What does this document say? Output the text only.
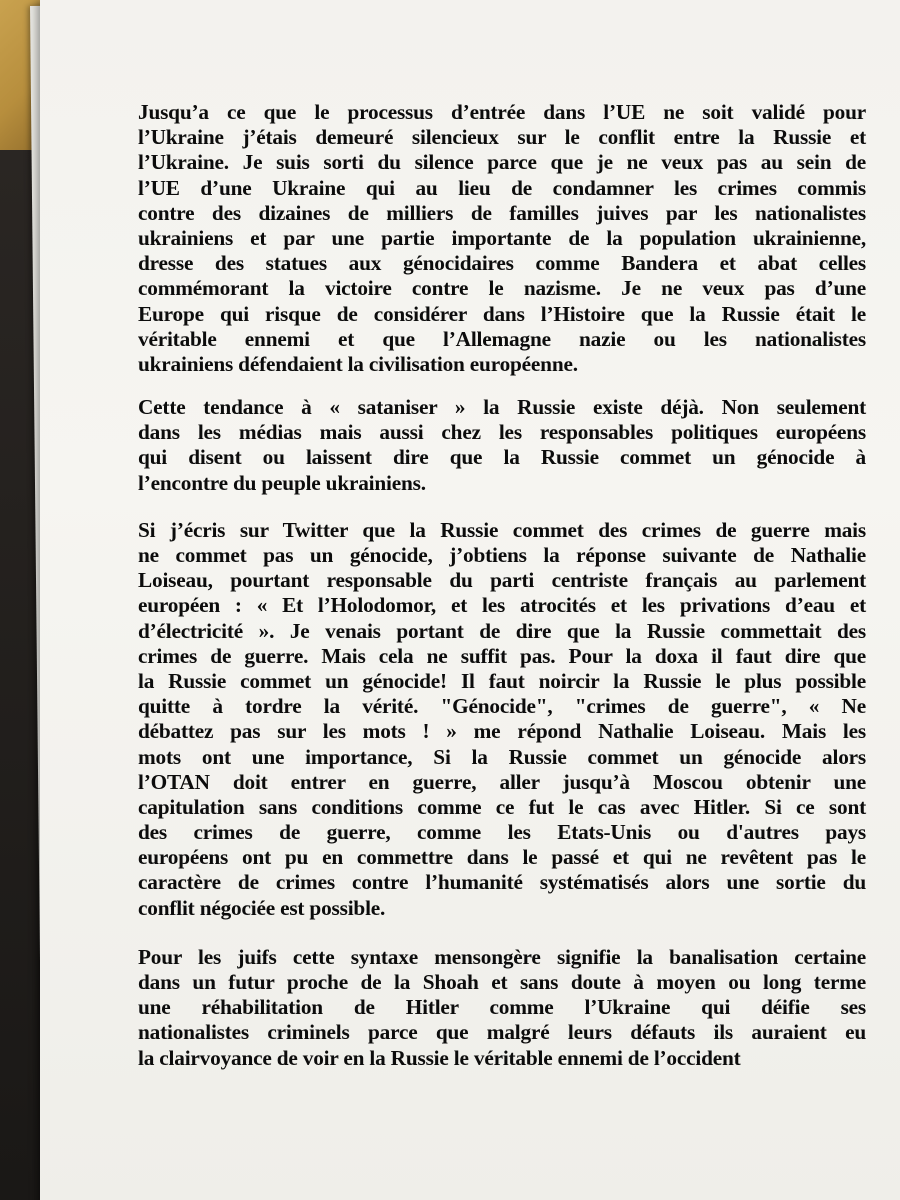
Jusqu’a ce que le processus d’entrée dans l’UE ne soit validé pour
l’Ukraine j’étais demeuré silencieux sur le conflit entre la Russie et
l’Ukraine. Je suis sorti du silence parce que je ne veux pas au sein de
l’UE d’une Ukraine qui au lieu de condamner les crimes commis
contre des dizaines de milliers de familles juives par les nationalistes
ukrainiens et par une partie importante de la population ukrainienne,
dresse des statues aux génocidaires comme Bandera et abat celles
commémorant la victoire contre le nazisme. Je ne veux pas d’une
Europe qui risque de considérer dans l’Histoire que la Russie était le
véritable ennemi et que l’Allemagne nazie ou les nationalistes
ukrainiens défendaient la civilisation européenne.
Cette tendance à « sataniser » la Russie existe déjà. Non seulement
dans les médias mais aussi chez les responsables politiques européens
qui disent ou laissent dire que la Russie commet un génocide à
l’encontre du peuple ukrainiens.
Si j’écris sur Twitter que la Russie commet des crimes de guerre mais
ne commet pas un génocide, j’obtiens la réponse suivante de Nathalie
Loiseau, pourtant responsable du parti centriste français au parlement
européen : « Et l’Holodomor, et les atrocités et les privations d’eau et
d’électricité ». Je venais portant de dire que la Russie commettait des
crimes de guerre. Mais cela ne suffit pas. Pour la doxa il faut dire que
la Russie commet un génocide! Il faut noircir la Russie le plus possible
quitte à tordre la vérité. "Génocide", "crimes de guerre", « Ne
débattez pas sur les mots ! » me répond Nathalie Loiseau. Mais les
mots ont une importance, Si la Russie commet un génocide alors
l’OTAN doit entrer en guerre, aller jusqu’à Moscou obtenir une
capitulation sans conditions comme ce fut le cas avec Hitler. Si ce sont
des crimes de guerre, comme les Etats-Unis ou d'autres pays
européens ont pu en commettre dans le passé et qui ne revêtent pas le
caractère de crimes contre l’humanité systématisés alors une sortie du
conflit négociée est possible.
Pour les juifs cette syntaxe mensongère signifie la banalisation certaine
dans un futur proche de la Shoah et sans doute à moyen ou long terme
une réhabilitation de Hitler comme l’Ukraine qui déifie ses
nationalistes criminels parce que malgré leurs défauts ils auraient eu
la clairvoyance de voir en la Russie le véritable ennemi de l’occident
